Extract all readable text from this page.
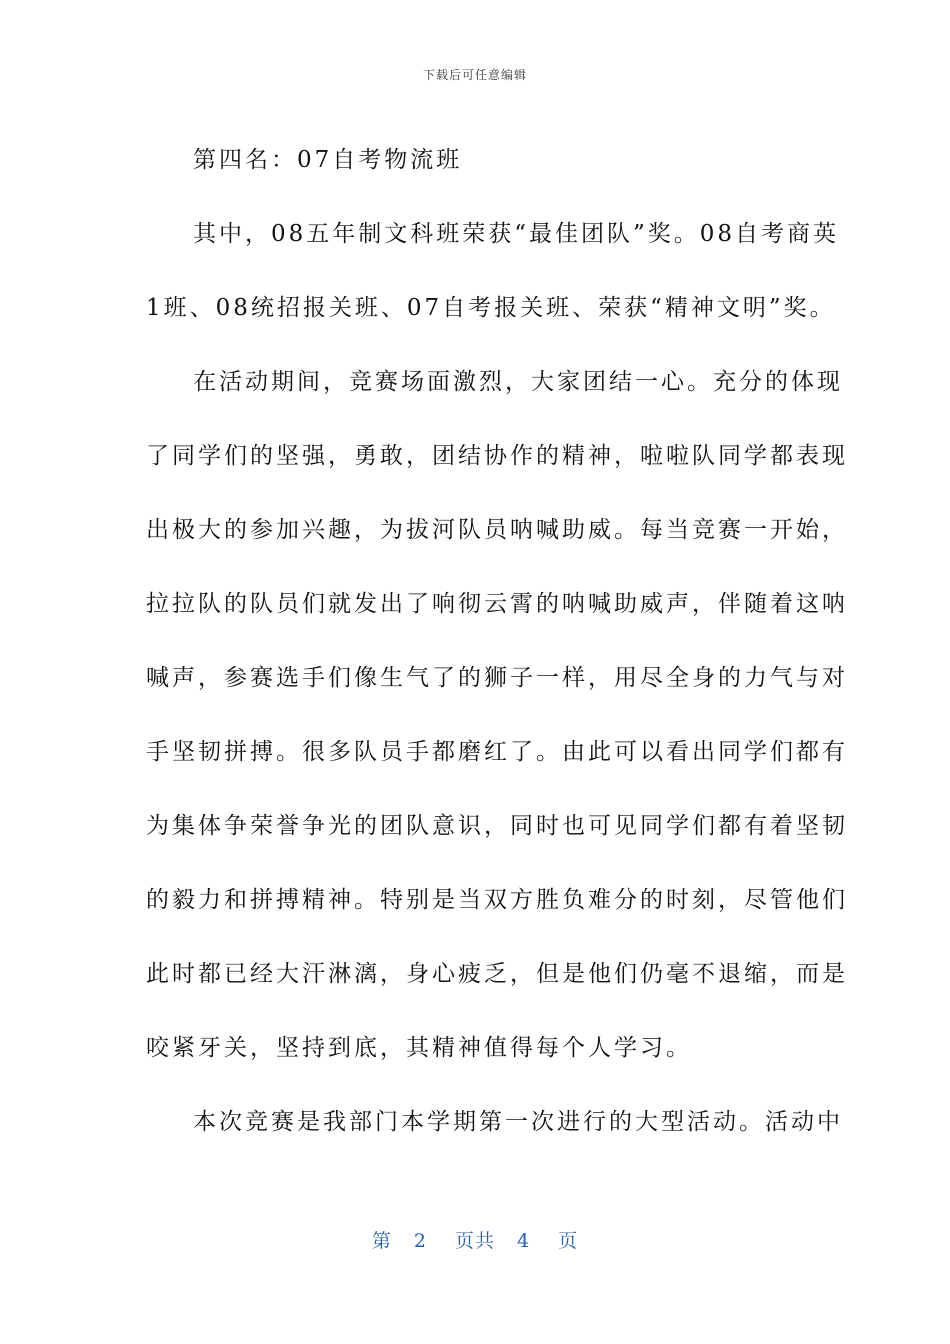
下载后可任意编辑
第四名：07自考物流班
其中，08五年制文科班荣获“最佳团队”奖。08自考商英
1班、08统招报关班、07自考报关班、荣获“精神文明”奖。
在活动期间，竞赛场面激烈，大家团结一心。充分的体现
了同学们的坚强，勇敢，团结协作的精神，啦啦队同学都表现
出极大的参加兴趣，为拔河队员呐喊助威。每当竞赛一开始，
拉拉队的队员们就发出了响彻云霄的呐喊助威声，伴随着这呐
喊声，参赛选手们像生气了的狮子一样，用尽全身的力气与对
手坚韧拼搏。很多队员手都磨红了。由此可以看出同学们都有
为集体争荣誉争光的团队意识，同时也可见同学们都有着坚韧
的毅力和拼搏精神。特别是当双方胜负难分的时刻，尽管他们
此时都已经大汗淋漓，身心疲乏，但是他们仍毫不退缩，而是
咬紧牙关，坚持到底，其精神值得每个人学习。
本次竞赛是我部门本学期第一次进行的大型活动。活动中
第 2 页共 4 页
